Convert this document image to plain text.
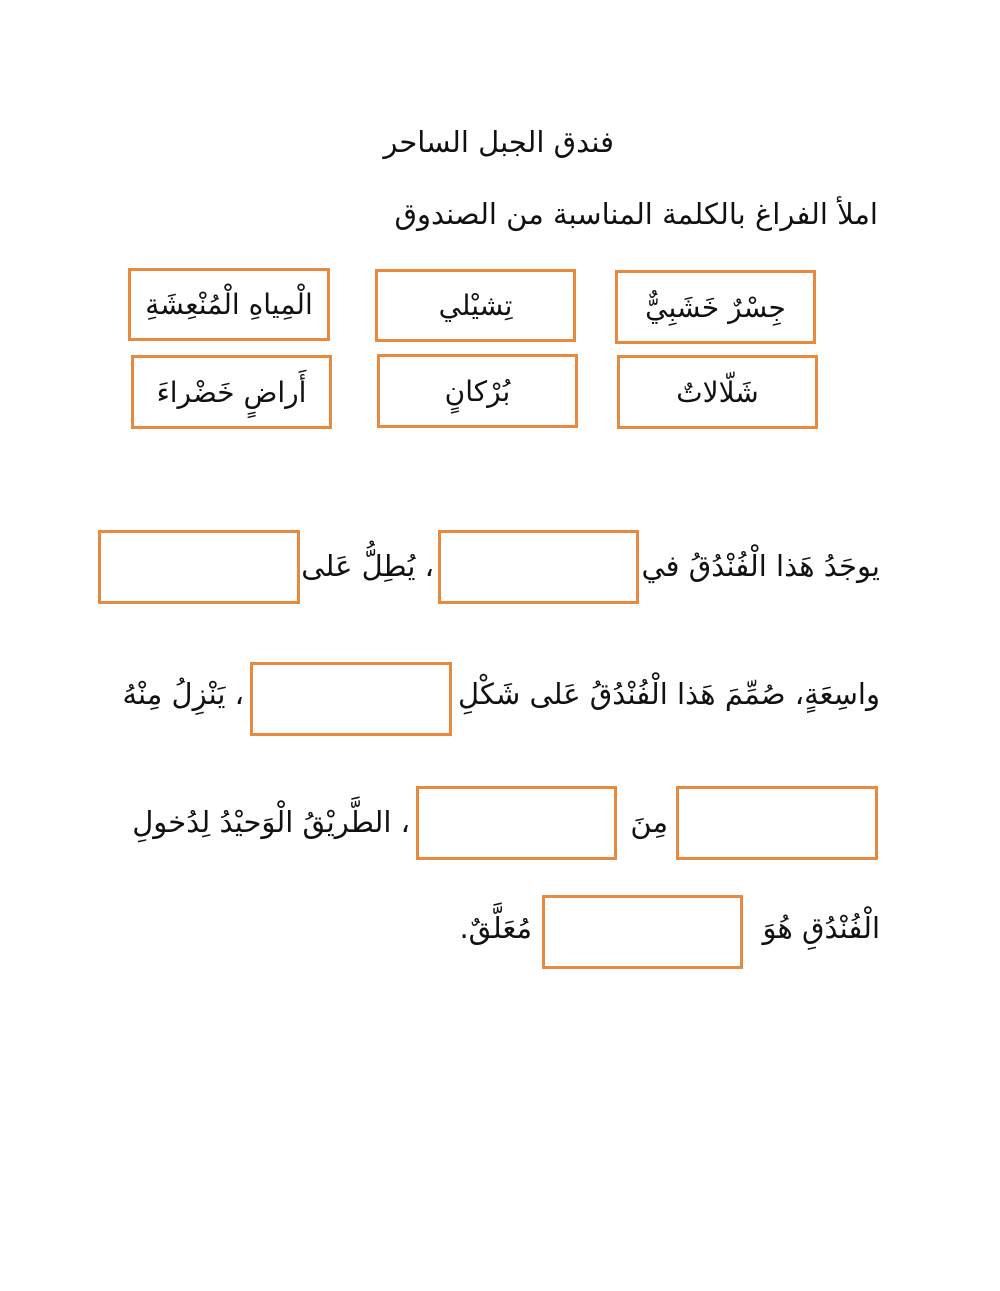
فندق الجبل الساحر
املأ الفراغ بالكلمة المناسبة من الصندوق
جِسْرٌ خَشَبِيٌّ
تِشيْلي
الْمِياهِ الْمُنْعِشَةِ
شَلّالاتٌ
بُرْكانٍ
أَراضٍ خَضْراءَ
يوجَدُ هَذا الْفُنْدُقُ في
، يُطِلُّ عَلى
واسِعَةٍ، صُمِّمَ هَذا الْفُنْدُقُ عَلى شَكْلِ
، يَنْزِلُ مِنْهُ
مِنَ
، الطَّريْقُ الْوَحيْدُ لِدُخولِ
الْفُنْدُقِ هُوَ
مُعَلَّقٌ.
